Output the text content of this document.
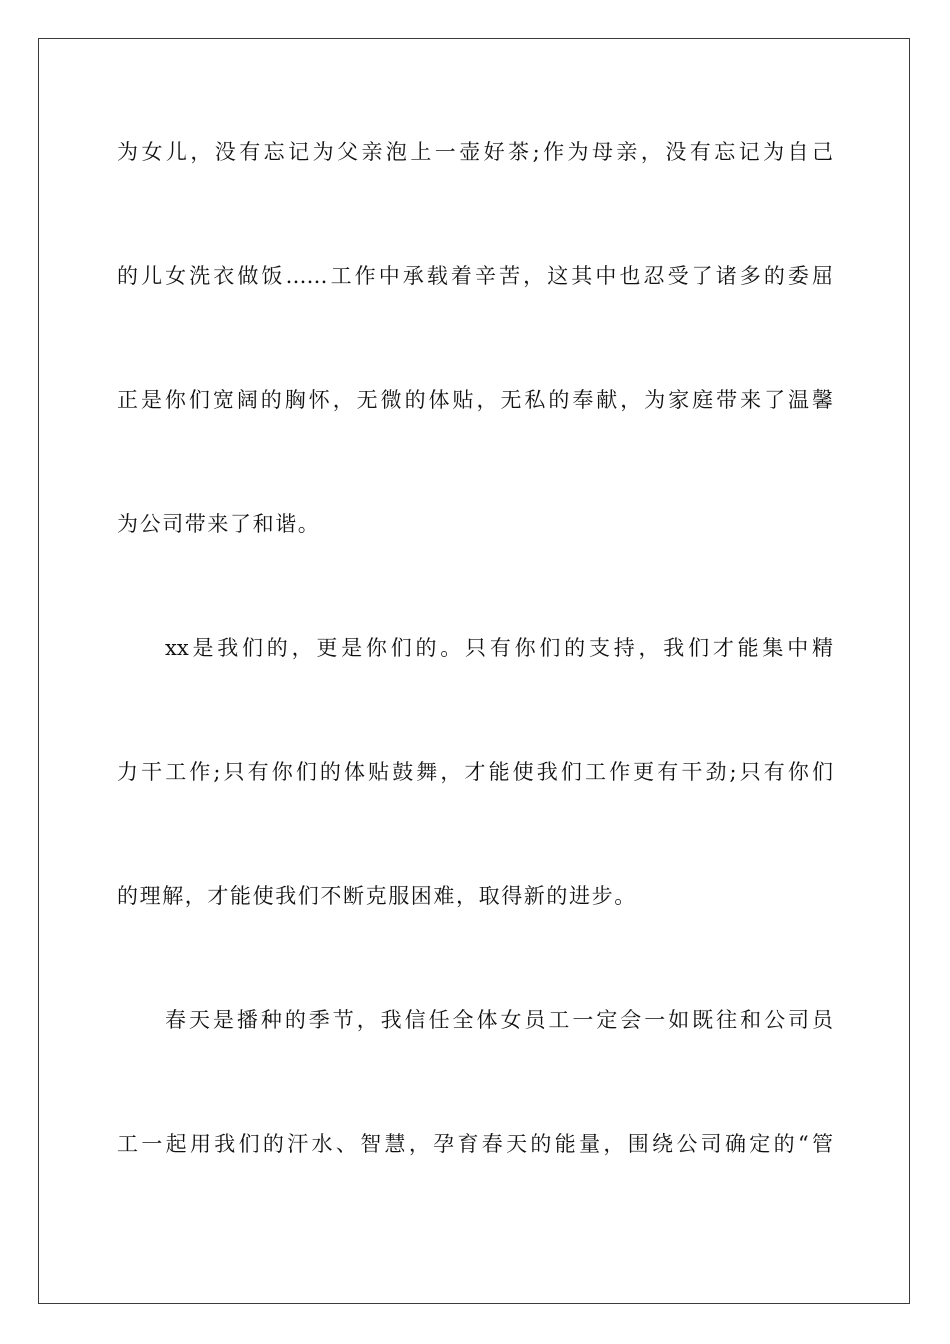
为女儿，没有忘记为父亲泡上一壶好茶;作为母亲，没有忘记为自己
的儿女洗衣做饭……工作中承载着辛苦，这其中也忍受了诸多的委屈
正是你们宽阔的胸怀，无微的体贴，无私的奉献，为家庭带来了温馨
为公司带来了和谐。
xx是我们的，更是你们的。只有你们的支持，我们才能集中精
力干工作;只有你们的体贴鼓舞，才能使我们工作更有干劲;只有你们
的理解，才能使我们不断克服困难，取得新的进步。
春天是播种的季节，我信任全体女员工一定会一如既往和公司员
工一起用我们的汗水、智慧，孕育春天的能量，围绕公司确定的“管
